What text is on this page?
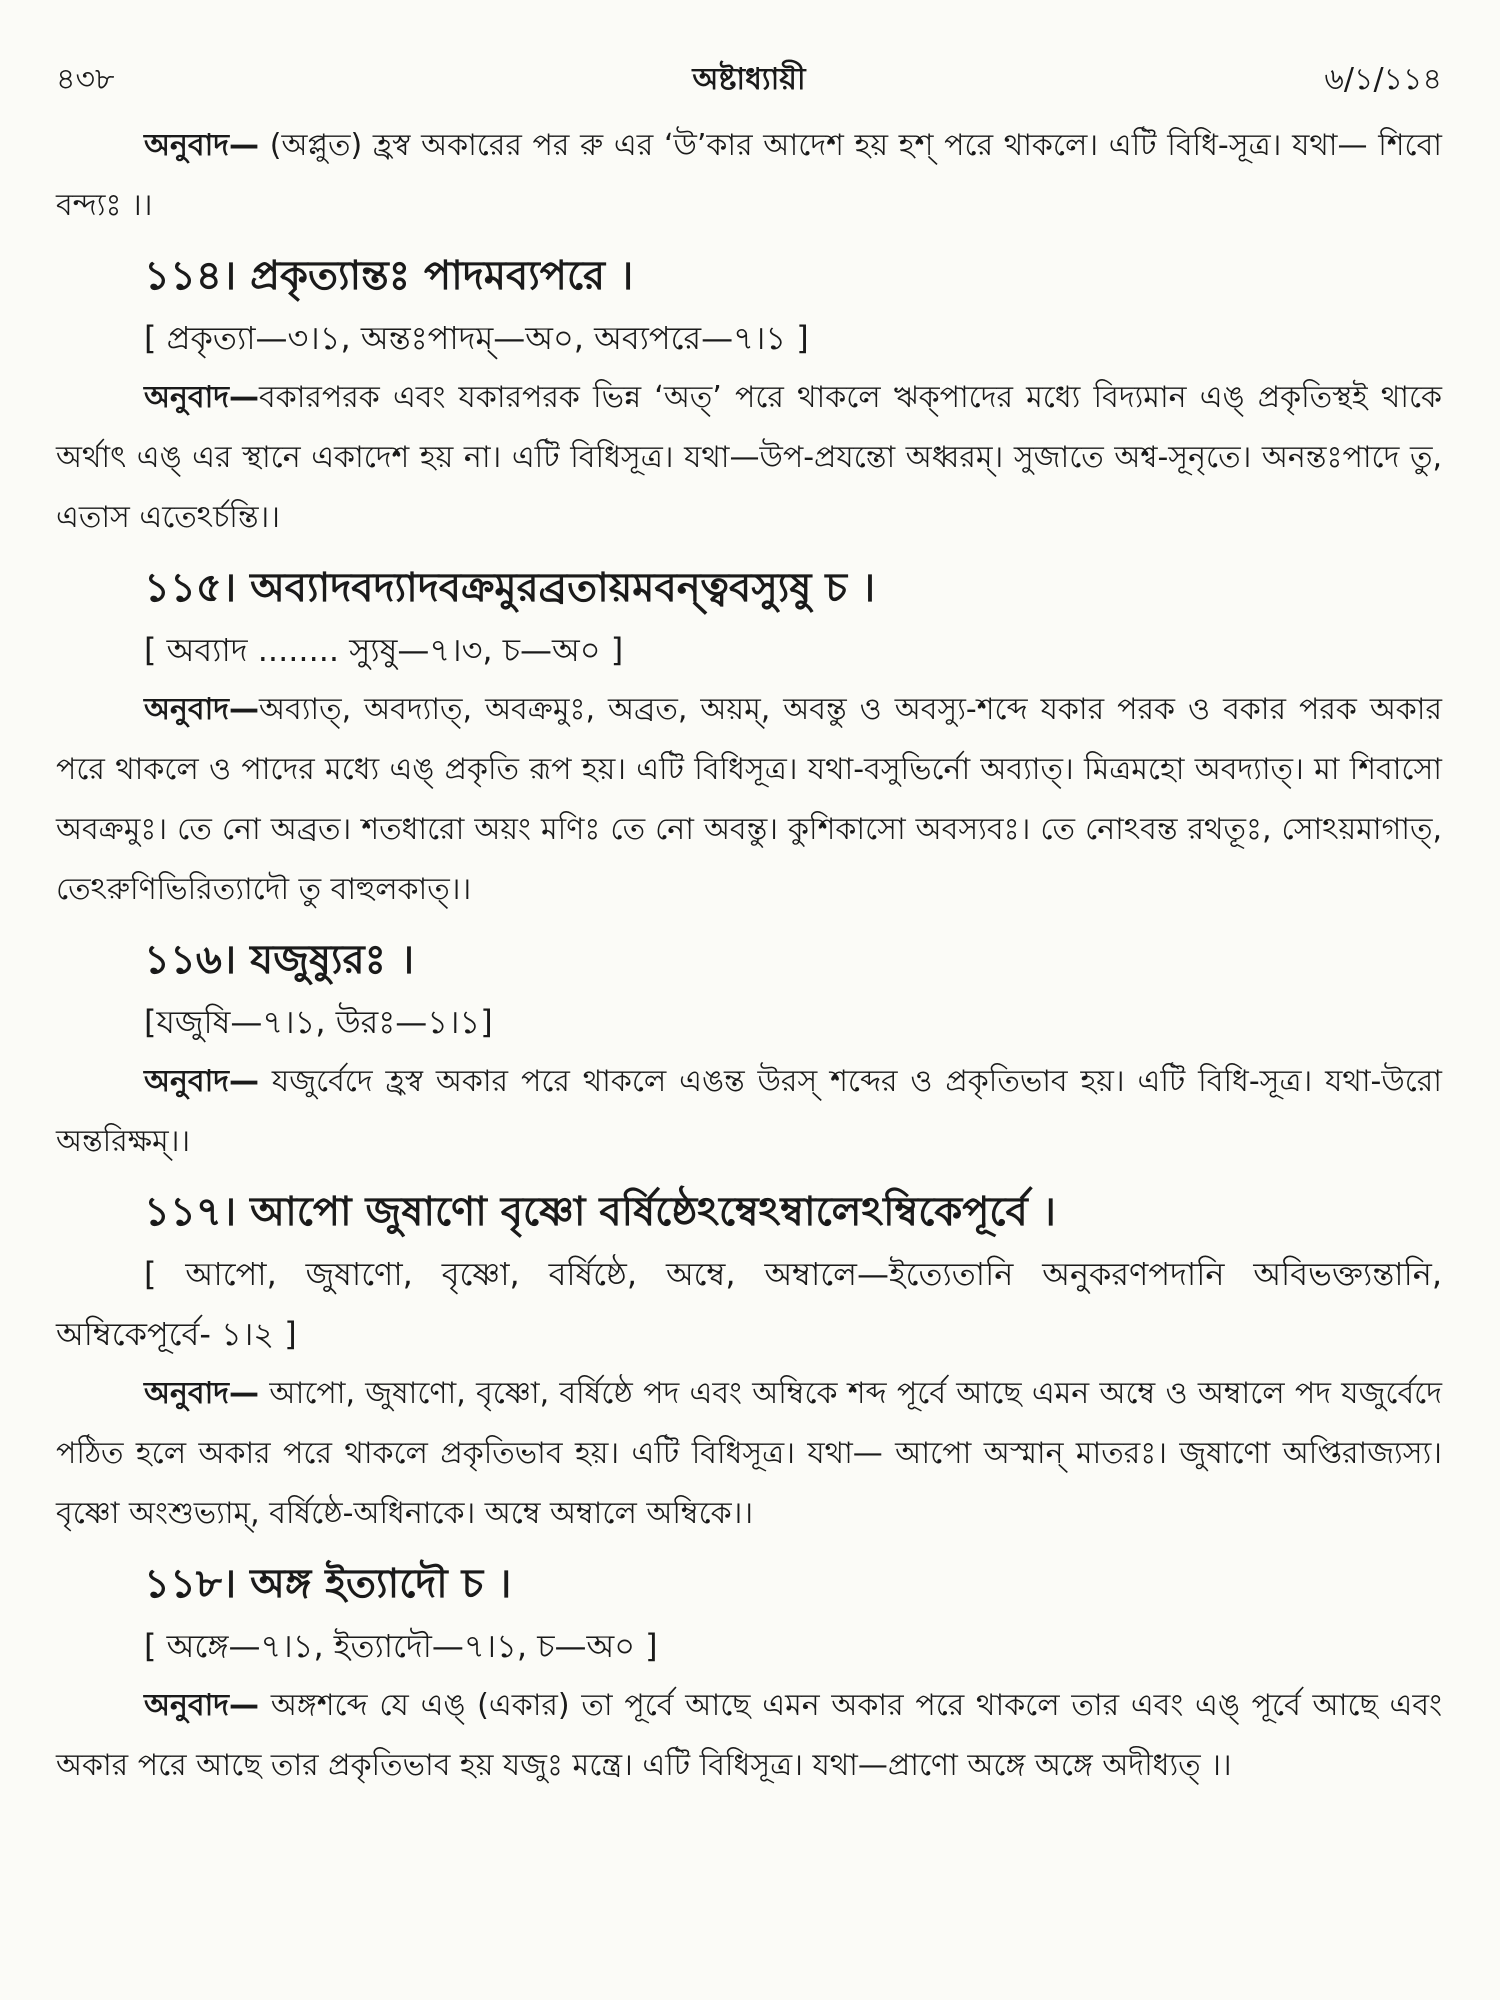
৪৩৮	অষ্টাধ্যায়ী	৬/১/১১৪

অনুবাদ— (অপ্লুত) হ্রস্ব অকারের পর রু এর ‘উ’কার আদেশ হয় হশ্ পরে থাকলে। এটি বিধি-সূত্র। যথা— শিবো বন্দ্যঃ ।।

১১৪। প্রকৃত্যান্তঃ পাদমব্যপরে ।

[ প্রকৃত্যা—৩।১, অন্তঃপাদম্—অ০, অব্যপরে—৭।১ ]

অনুবাদ—বকারপরক এবং যকারপরক ভিন্ন ‘অত্’ পরে থাকলে ঋক্‌পাদের মধ্যে বিদ্যমান এঙ্ প্রকৃতিস্থই থাকে অর্থাৎ এঙ্ এর স্থানে একাদেশ হয় না। এটি বিধিসূত্র। যথা—উপ-প্রযন্তো অধ্বরম্। সুজাতে অশ্ব-সূনৃতে। অনন্তঃপাদে তু, এতাস এতেঽর্চন্তি।।

১১৫। অব্যাদবদ্যাদবক্রমুরব্রতায়মবন্ত্ববস্যুষু চ ।

[ অব্যাদ ........ স্যুষু—৭।৩, চ—অ০ ]

অনুবাদ—অব্যাত্, অবদ্যাত্, অবক্রমুঃ, অব্রত, অয়ম্, অবন্তু ও অবস্যু-শব্দে যকার পরক ও বকার পরক অকার পরে থাকলে ও পাদের মধ্যে এঙ্ প্রকৃতি রূপ হয়। এটি বিধিসূত্র। যথা-বসুভির্নো অব্যাত্। মিত্রমহো অবদ্যাত্। মা শিবাসো অবক্রমুঃ। তে নো অব্রত। শতধারো অয়ং মণিঃ তে নো অবন্তু। কুশিকাসো অবস্যবঃ। তে নোঽবন্ত রথতূঃ, সোঽয়মাগাত্, তেঽরুণিভিরিত্যাদৌ তু বাহুলকাত্।।

১১৬। যজুষ্যুরঃ ।

[যজুষি—৭।১, উরঃ—১।১]

অনুবাদ— যজুর্বেদে হ্রস্ব অকার পরে থাকলে এঙন্ত উরস্ শব্দের ও প্রকৃতিভাব হয়। এটি বিধি-সূত্র। যথা-উরো অন্তরিক্ষম্।।

১১৭। আপো জুষাণো বৃষ্ণো বর্ষিষ্ঠেঽম্বেঽম্বালেঽম্বিকেপূর্বে ।

[ আপো, জুষাণো, বৃষ্ণো, বর্ষিষ্ঠে, অম্বে, অম্বালে—ইত্যেতানি অনুকরণপদানি অবিভক্ত্যন্তানি, অম্বিকেপূর্বে- ১।২ ]

অনুবাদ— আপো, জুষাণো, বৃষ্ণো, বর্ষিষ্ঠে পদ এবং অম্বিকে শব্দ পূর্বে আছে এমন অম্বে ও অম্বালে পদ যজুর্বেদে পঠিত হলে অকার পরে থাকলে প্রকৃতিভাব হয়। এটি বিধিসূত্র। যথা— আপো অস্মান্ মাতরঃ। জুষাণো অপ্তিরাজ্যস্য। বৃষ্ণো অংশুভ্যাম্, বর্ষিষ্ঠে-অধিনাকে। অম্বে অম্বালে অম্বিকে।।

১১৮। অঙ্গ ইত্যাদৌ চ ।

[ অঙ্গে—৭।১, ইত্যাদৌ—৭।১, চ—অ০ ]

অনুবাদ— অঙ্গশব্দে যে এঙ্ (একার) তা পূর্বে আছে এমন অকার পরে থাকলে তার এবং এঙ্ পূর্বে আছে এবং অকার পরে আছে তার প্রকৃতিভাব হয় যজুঃ মন্ত্রে। এটি বিধিসূত্র। যথা—প্রাণো অঙ্গে অঙ্গে অদীধ্যত্ ।।
